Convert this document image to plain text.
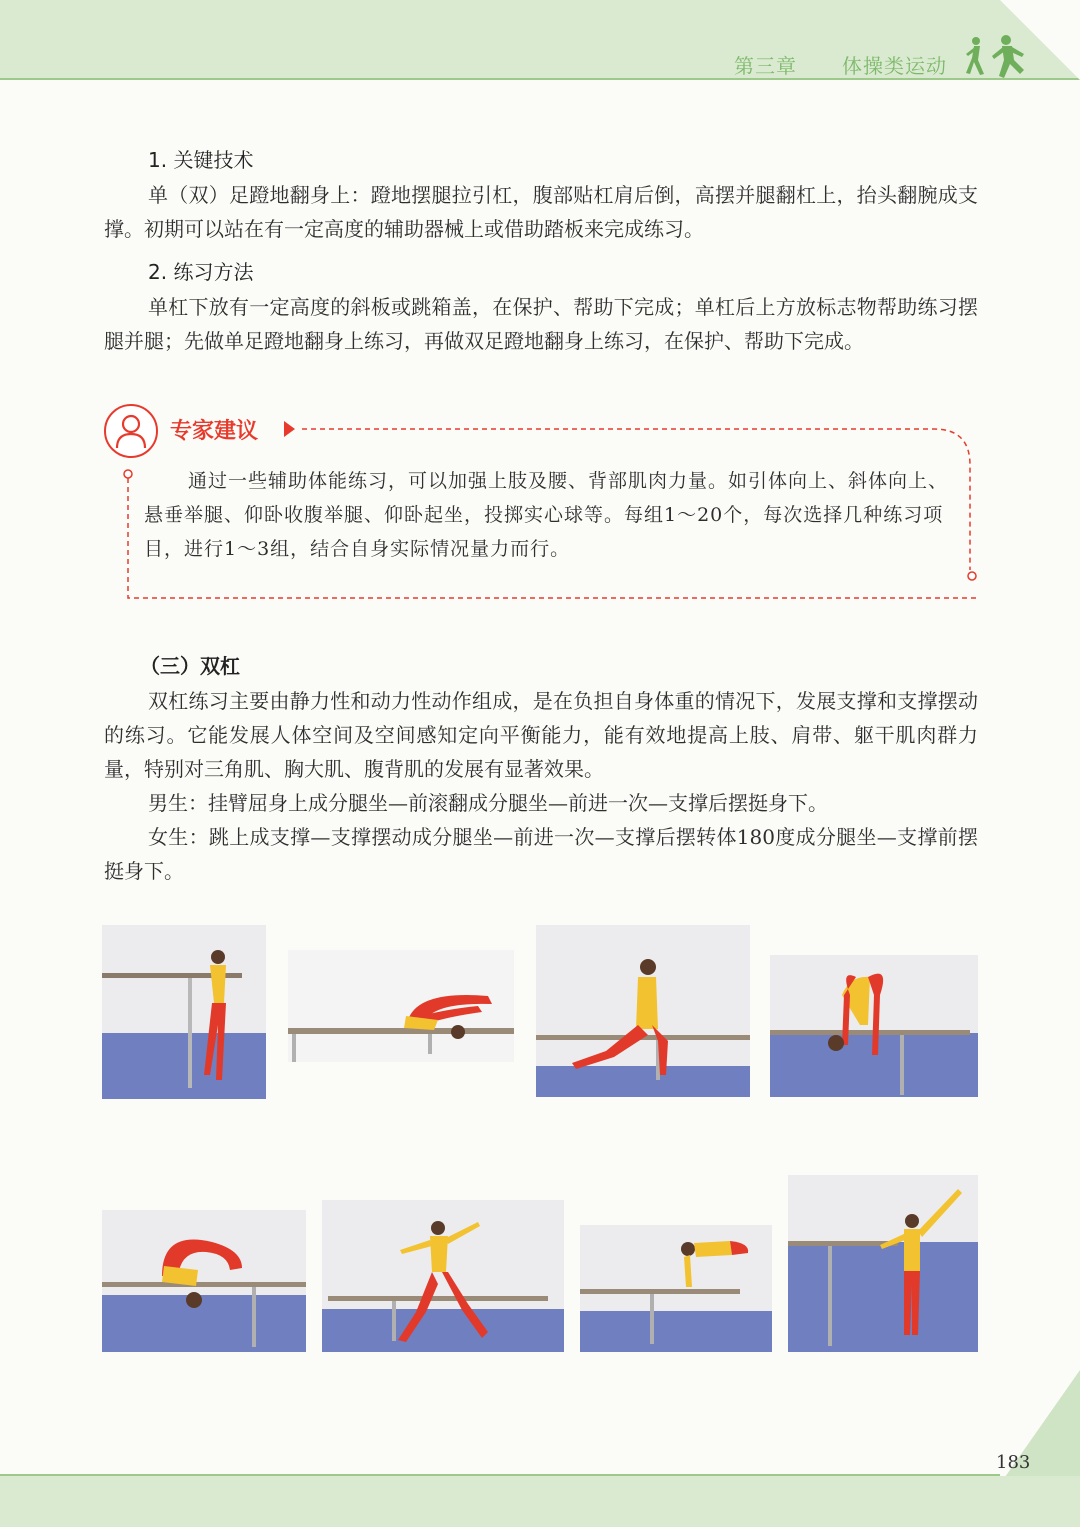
第三章 体操类运动
1. 关键技术

单（双）足蹬地翻身上：蹬地摆腿拉引杠，腹部贴杠肩后倒，高摆并腿翻杠上，抬头翻腕成支撑。初期可以站在有一定高度的辅助器械上或借助踏板来完成练习。

2. 练习方法

单杠下放有一定高度的斜板或跳箱盖，在保护、帮助下完成；单杠后上方放标志物帮助练习摆腿并腿；先做单足蹬地翻身上练习，再做双足蹬地翻身上练习，在保护、帮助下完成。

专家建议

通过一些辅助体能练习，可以加强上肢及腰、背部肌肉力量。如引体向上、斜体向上、悬垂举腿、仰卧收腹举腿、仰卧起坐，投掷实心球等。每组1～20个，每次选择几种练习项目，进行1～3组，结合自身实际情况量力而行。

（三）双杠

双杠练习主要由静力性和动力性动作组成，是在负担自身体重的情况下，发展支撑和支撑摆动的练习。它能发展人体空间及空间感知定向平衡能力，能有效地提高上肢、肩带、躯干肌肉群力量，特别对三角肌、胸大肌、腹背肌的发展有显著效果。

男生：挂臂屈身上成分腿坐—前滚翻成分腿坐—前进一次—支撑后摆挺身下。

女生：跳上成支撑—支撑摆动成分腿坐—前进一次—支撑后摆转体180度成分腿坐—支撑前摆挺身下。

183
